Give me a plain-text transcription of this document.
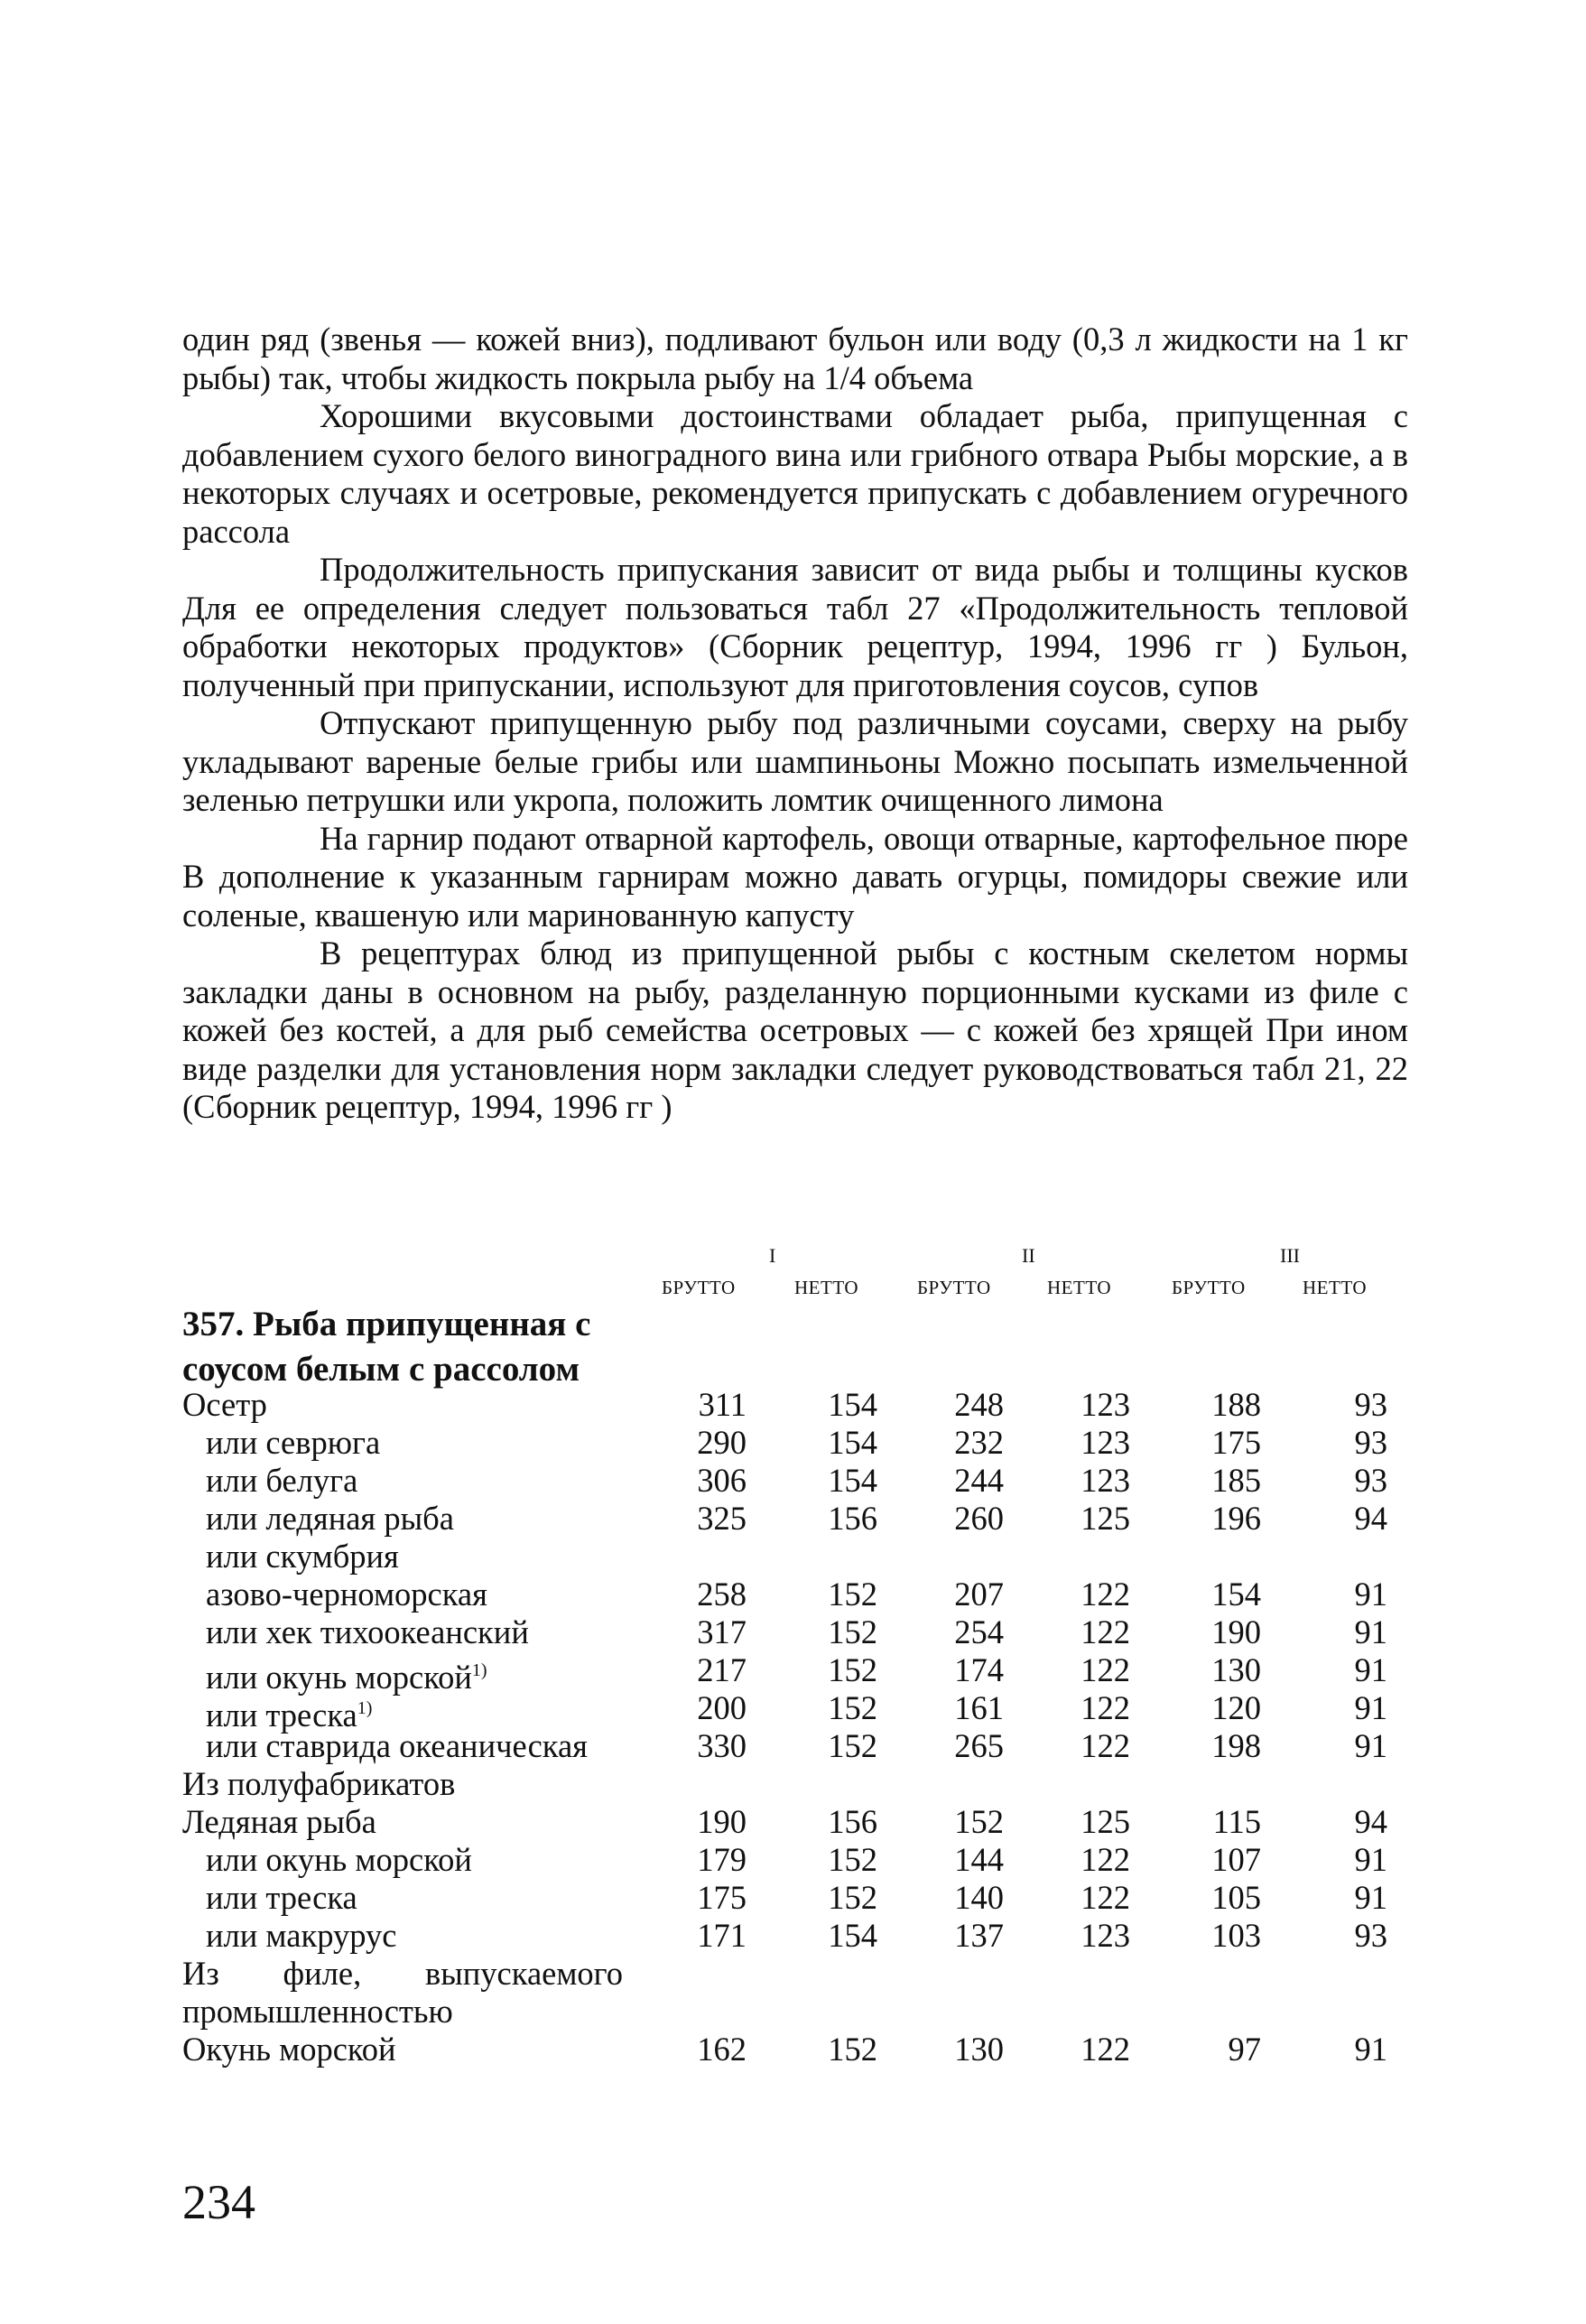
один ряд (звенья — кожей вниз), подливают бульон или воду (0,3 л жидкости на 1 кг рыбы) так, чтобы жидкость покрыла рыбу на 1/4 объема

Хорошими вкусовыми достоинствами обладает рыба, припущенная с добавлением сухого белого виноградного вина или грибного отвара Рыбы морские, а в некоторых случаях и осетровые, рекомендуется припускать с добавлением огуречного рассола

Продолжительность припускания зависит от вида рыбы и толщины кусков Для ее определения следует пользоваться табл 27 «Продолжительность тепловой обработки некоторых продуктов» (Сборник рецептур, 1994, 1996 гг ) Бульон, полученный при припускании, используют для приготовления соусов, супов

Отпускают припущенную рыбу под различными соусами, сверху на рыбу укладывают вареные белые грибы или шампиньоны Можно посыпать измельченной зеленью петрушки или укропа, положить ломтик очищенного лимона

На гарнир подают отварной картофель, овощи отварные, картофельное пюре В дополнение к указанным гарнирам можно давать огурцы, помидоры свежие или соленые, квашеную или маринованную капусту

В рецептурах блюд из припущенной рыбы с костным скелетом нормы закладки даны в основном на рыбу, разделанную порционными кусками из филе с кожей без костей, а для рыб семейства осетровых — с кожей без хрящей При ином виде разделки для установления норм закладки следует руководствоваться табл 21, 22 (Сборник рецептур, 1994, 1996 гг )

I	II	III
БРУТТО	НЕТТО	БРУТТО	НЕТТО	БРУТТО	НЕТТО
357. Рыба припущенная с соусом белым с рассолом
Осетр	311	154	248	123	188	93
или севрюга	290	154	232	123	175	93
или белуга	306	154	244	123	185	93
или ледяная рыба	325	156	260	125	196	94
или скумбрия
азово-черноморская	258	152	207	122	154	91
или хек тихоокеанский	317	152	254	122	190	91
или окунь морской$^{1)}$	217	152	174	122	130	91
или треска$^{1)}$	200	152	161	122	120	91
или ставрида океаническая	330	152	265	122	198	91
Из полуфабрикатов
Ледяная рыба	190	156	152	125	115	94
или окунь морской	179	152	144	122	107	91
или треска	175	152	140	122	105	91
или макрурус	171	154	137	123	103	93
Из филе, выпускаемого промышленностью
Окунь морской	162	152	130	122	97	91
234
